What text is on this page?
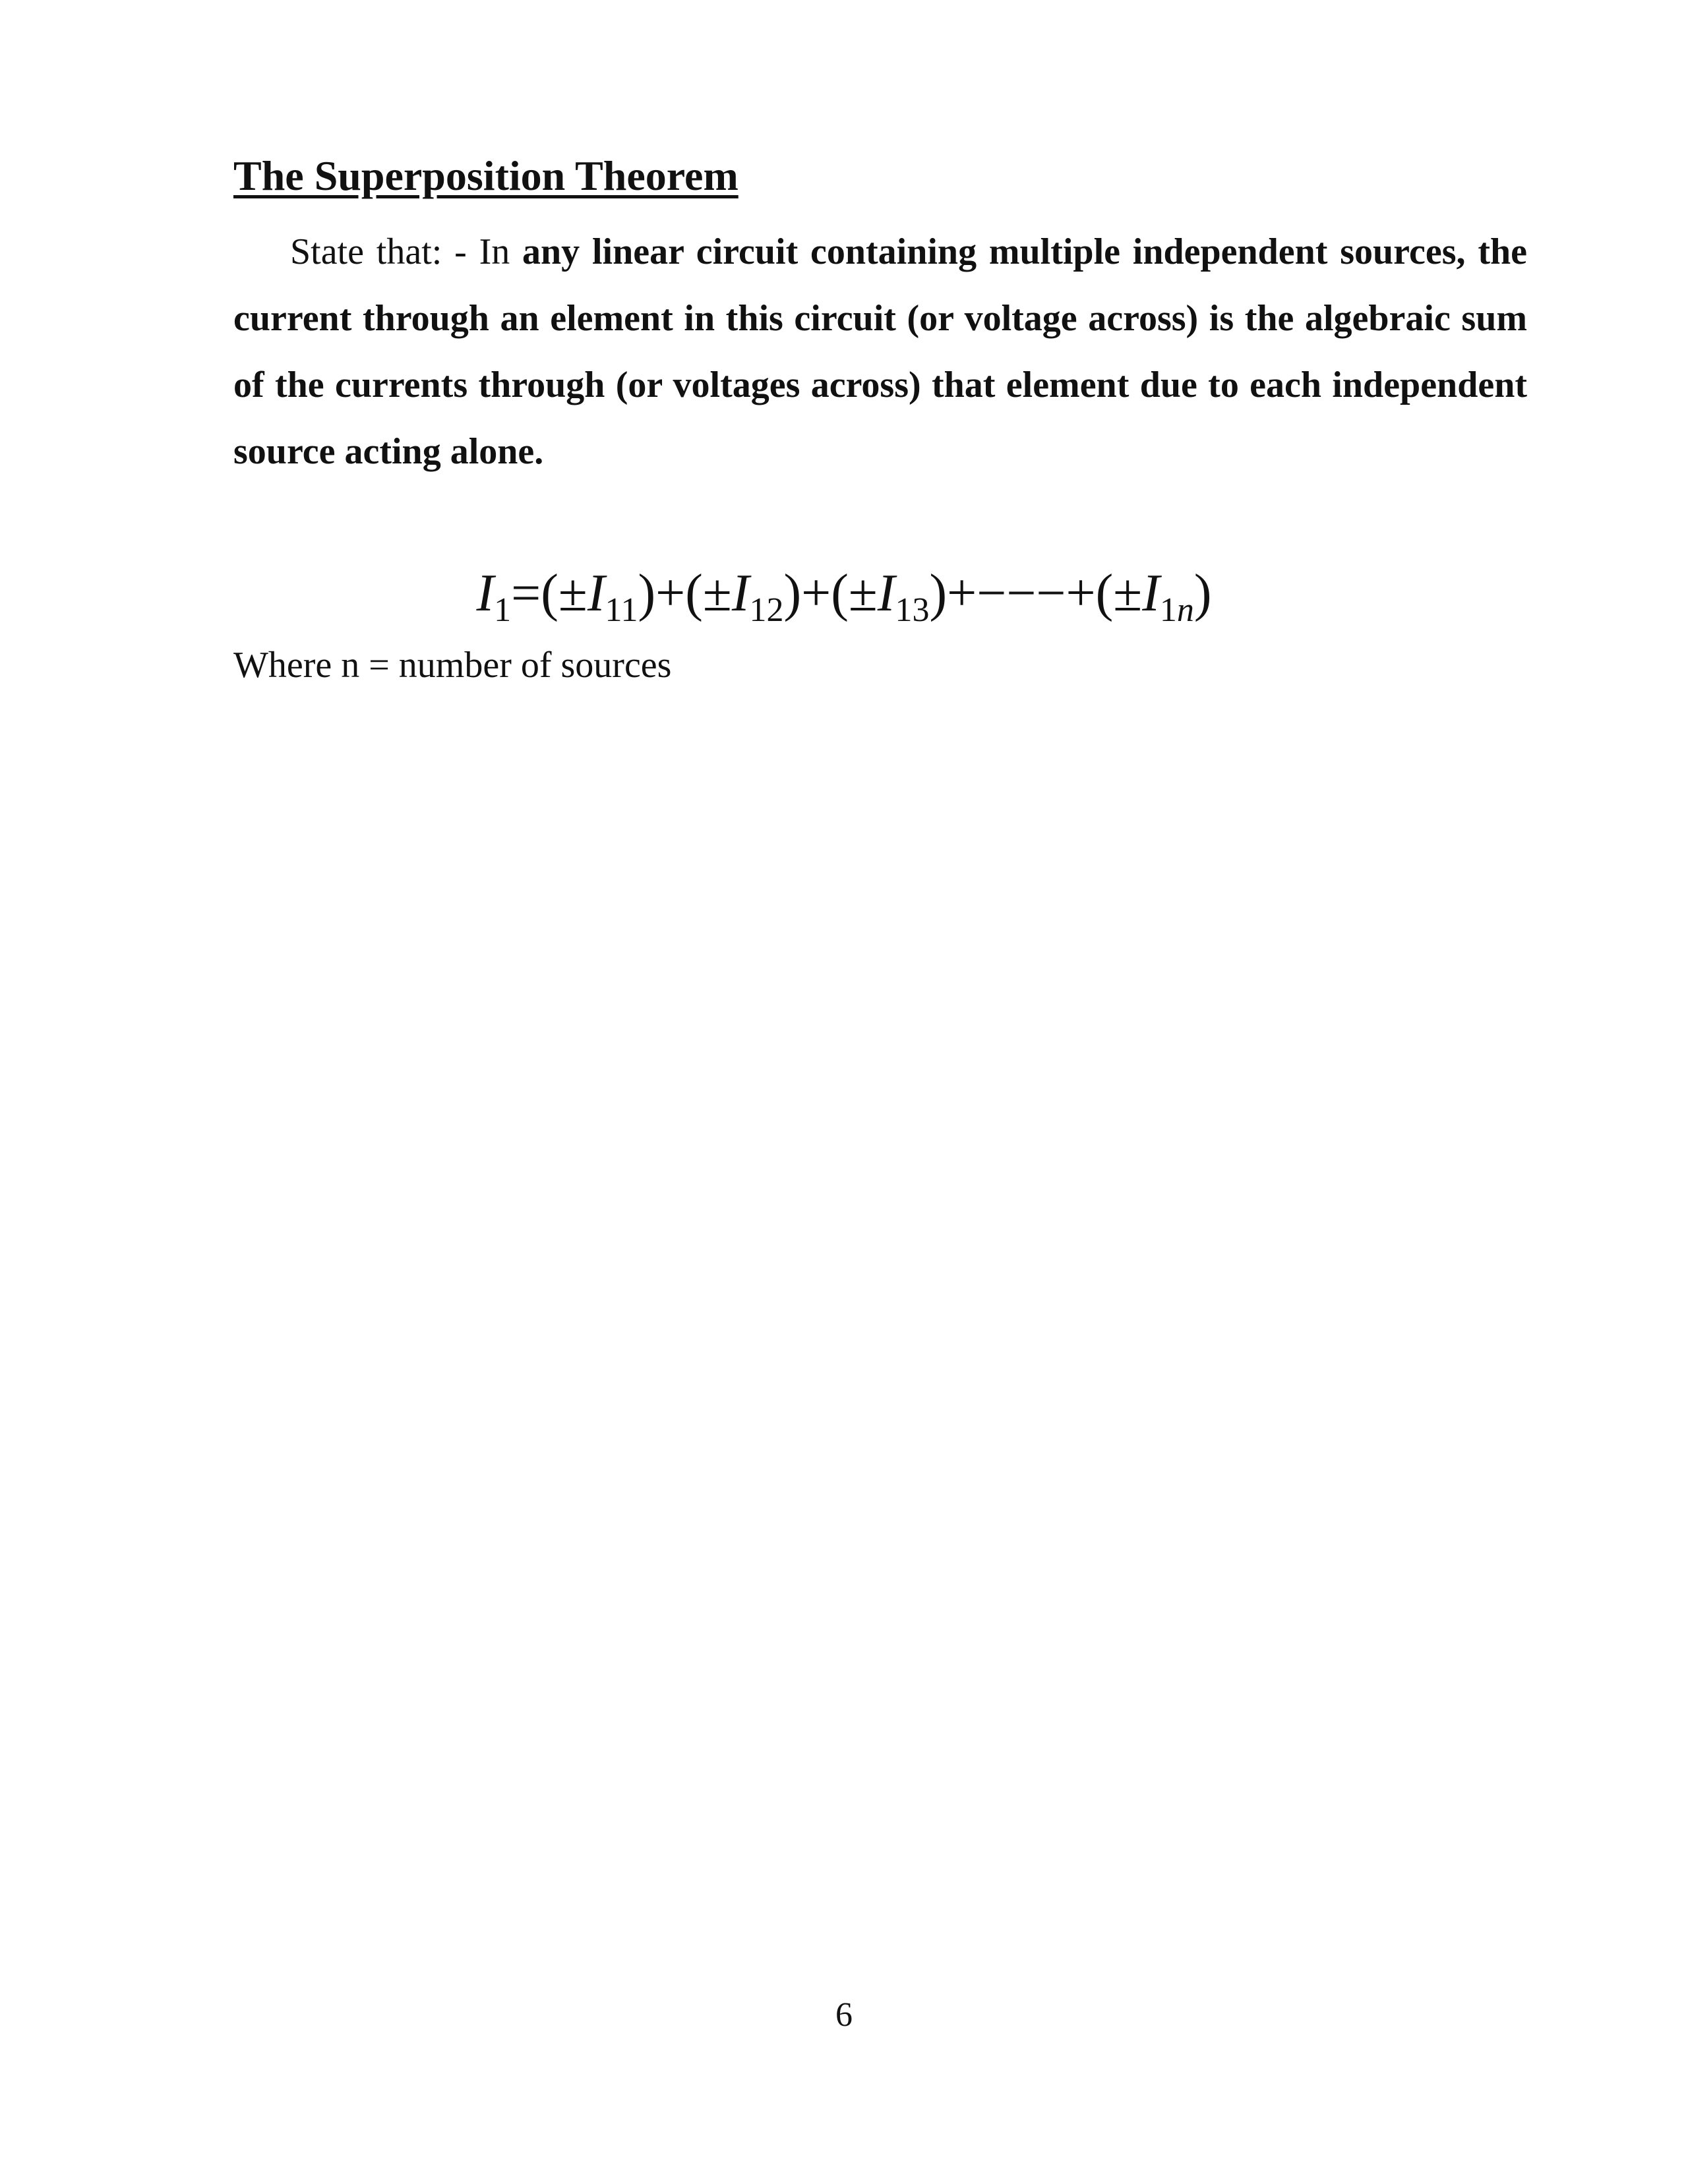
The Superposition Theorem

State that: - In any linear circuit containing multiple independent sources, the current through an element in this circuit (or voltage across) is the algebraic sum of the currents through (or voltages across) that element due to each independent source acting alone.

$I_1=(\pm I_{11})+(\pm I_{12})+(\pm I_{13})+---+(\pm I_{1n})$

Where n = number of sources

6
